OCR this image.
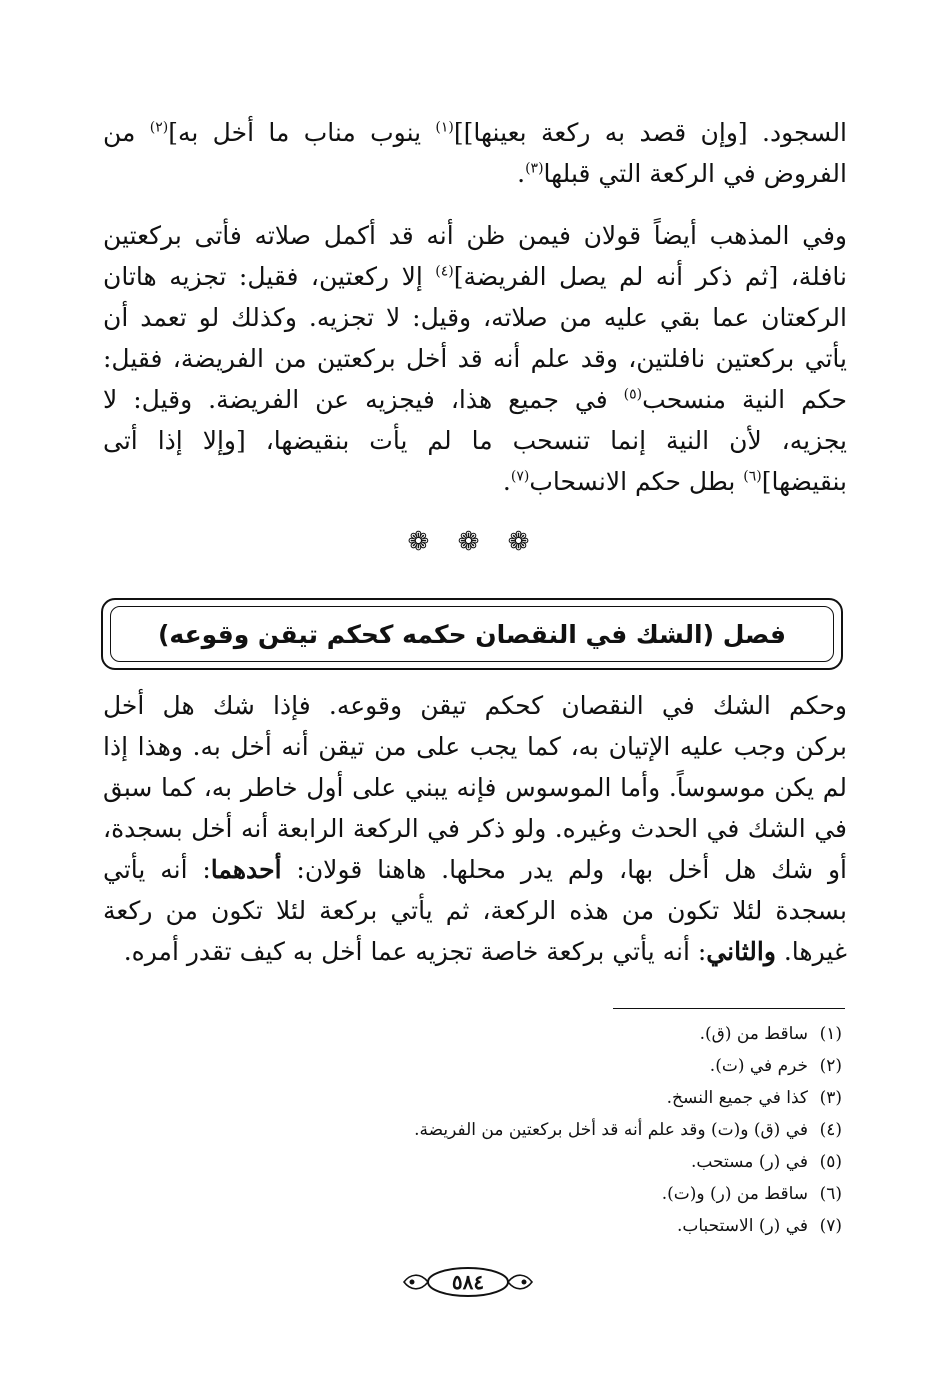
السجود. [وإن قصد به ركعة بعينها]]$^{(١)}$ ينوب مناب ما أخل به]$^{(٢)}$ من
الفروض في الركعة التي قبلها$^{(٣)}$.
وفي المذهب أيضاً قولان فيمن ظن أنه قد أكمل صلاته فأتى بركعتين
نافلة، [ثم ذكر أنه لم يصل الفريضة]$^{(٤)}$ إلا ركعتين، فقيل: تجزيه هاتان
الركعتان عما بقي عليه من صلاته، وقيل: لا تجزيه. وكذلك لو تعمد أن
يأتي بركعتين نافلتين، وقد علم أنه قد أخل بركعتين من الفريضة، فقيل:
حكم النية منسحب$^{(٥)}$ في جميع هذا، فيجزيه عن الفريضة. وقيل: لا
يجزيه، لأن النية إنما تنسحب ما لم يأت بنقيضها، [وإلا إذا أتى
بنقيضها]$^{(٦)}$ بطل حكم الانسحاب$^{(٧)}$.
❁ ❁ ❁
فصل (الشك في النقصان حكمه كحكم تيقن وقوعه)
وحكم الشك في النقصان كحكم تيقن وقوعه. فإذا شك هل أخل
بركن وجب عليه الإتيان به، كما يجب على من تيقن أنه أخل به. وهذا إذا
لم يكن موسوساً. وأما الموسوس فإنه يبني على أول خاطر به، كما سبق
في الشك في الحدث وغيره. ولو ذكر في الركعة الرابعة أنه أخل بسجدة،
أو شك هل أخل بها، ولم يدر محلها. هاهنا قولان: أحدهما: أنه يأتي
بسجدة لئلا تكون من هذه الركعة، ثم يأتي بركعة لئلا تكون من ركعة
غيرها. والثاني: أنه يأتي بركعة خاصة تجزيه عما أخل به كيف تقدر أمره.
(١)ساقط من (ق).
(٢)خرم في (ت).
(٣)كذا في جميع النسخ.
(٤)في (ق) و(ت) وقد علم أنه قد أخل بركعتين من الفريضة.
(٥)في (ر) مستحب.
(٦)ساقط من (ر) و(ت).
(٧)في (ر) الاستحباب.
٥٨٤
